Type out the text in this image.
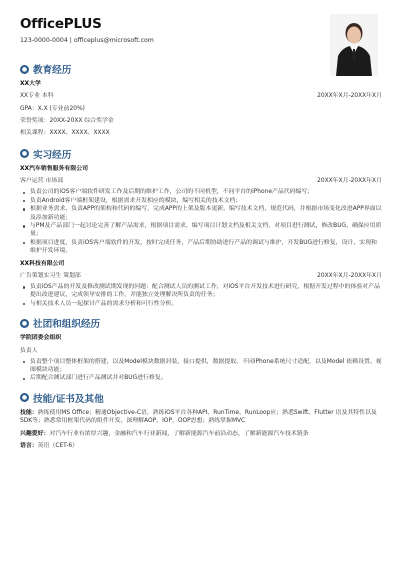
OfficePLUS
123-0000-0004 | officeplus@microsoft.com
● 教育经历
XX大学
XX专业 本科	20XX年X月-20XX年X月
GPA：X.X (专业前20%)
荣誉奖项：20XX-20XX 综合奖学金
相关课程：XXXX、XXXX、XXXX
● 实习经历
XX汽车销售服务有限公司
客户运营 市场部	20XX年X月-20XX年X月
负责公司的iOS客户端软件研发工作及后期的维护工作，公司的不同机型，不同平台的iPhone产品代码编写；
负责Android客户端框架建设，根据需求开发相应的模块，编写相关的技术文档；
根据业务需求，负责APP的架构和代码的编写，完成APP的上架及版本更新，编写技术文档，规范代码，并根据市场变化改进APP界面以及添加新功能；
与PM及产品部门一起讨论完善了解产品需求，根据项目需求，编写项目计划文档及相关文档，对项目进行测试，修改BUG，确保应用质量；
根据项目进度，负责iOS客户端软件的开发，按时完成任务，产品后期协助进行产品的调试与维护，开发BUG进行修复，设计、实现和维护开发环境。
XX科技有限公司
广告策划实习生 策划部	20XX年X月-20XX年X月
负责iOS产品的开发及修改测试期发现的问题：配合测试人员的测试工作，对iOS平台开发技术进行研究，根据开发过程中的体验对产品提出改进建议，完成领导安排的工作，并能独立处理解决所负责的任务；
与相关技术人员一起探讨产品的需求分析和可行性分析。
● 社团和组织经历
学院团委会组织
负责人
负责整个项目整体框架的搭建，以及Model模块数据封装，接口提供，数据提取，不同iPhone系统尺寸适配，以及Model 依赖设置、视图模块功能；
后期配合测试部门进行产品测试并对BUG进行修复。
● 技能/证书及其他
技能：熟练使用MS Office；精通Objective-C语，熟练iOS平台各种API、RunTime、RunLoop应；熟悉Swift、Flutter 语及其特性以及SDK等；熟悉常用框架代码的组件开发、深理解AOP、IOP、OOP思想；熟练掌握MVC
兴趣爱好：对汽车行业有浓厚兴趣，金融和汽车行业新闻，了解新能源汽车前沿动态，了解新能源汽车技术链条
语言：英语（CET-6）
